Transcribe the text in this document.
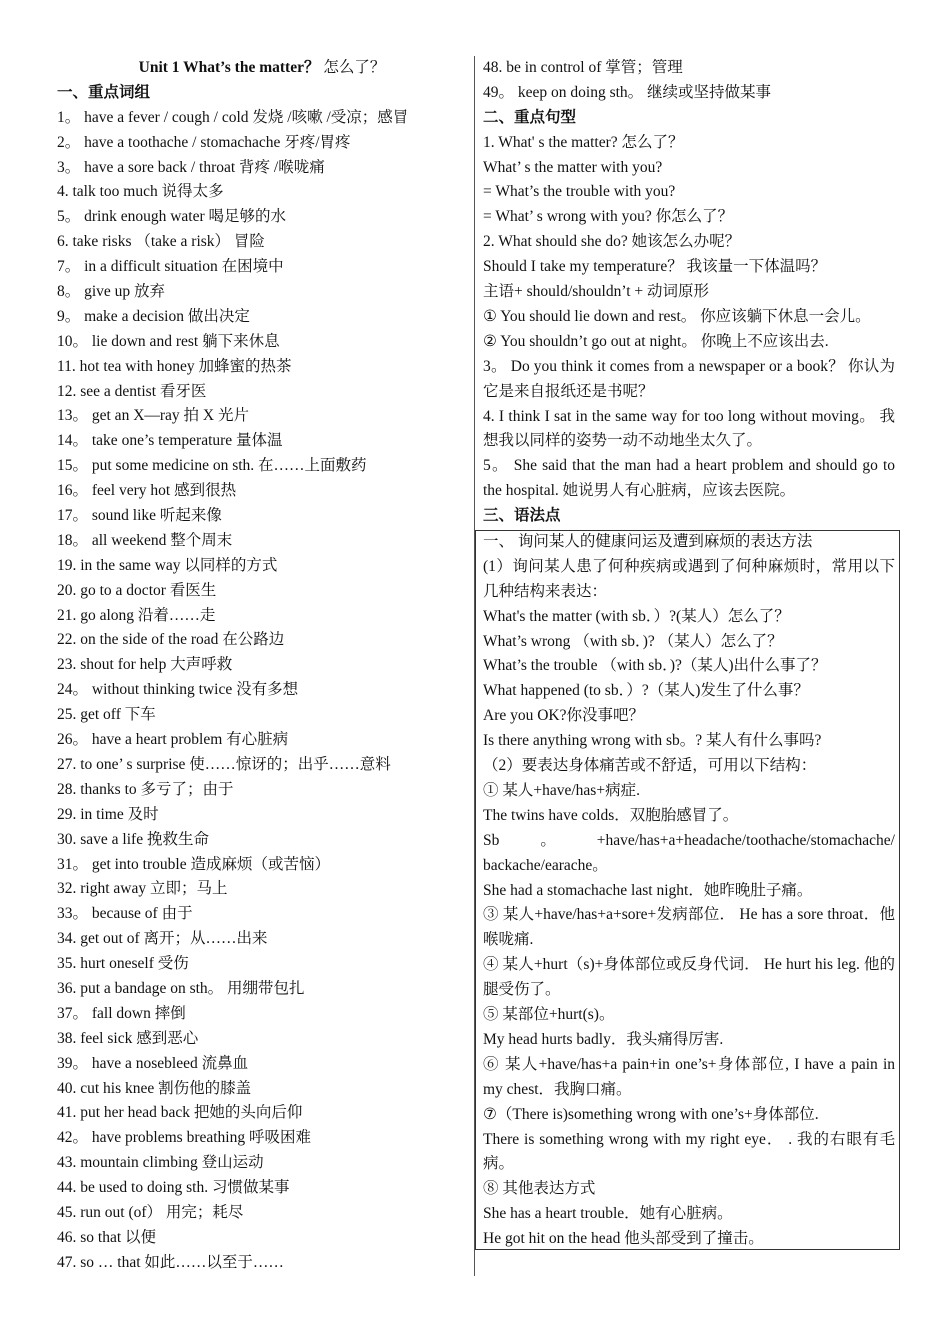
Unit 1 What’s the matter？ 怎么了？
一、重点词组
1。 have a fever / cough / cold 发烧 /咳嗽 /受凉；感冒
2。 have a toothache / stomachache 牙疼/胃疼
3。 have a sore back / throat 背疼 /喉咙痛
4. talk too much 说得太多
5。 drink enough water 喝足够的水
6. take risks （take a risk） 冒险
7。 in a difficult situation 在困境中
8。 give up 放弃
9。 make a decision 做出决定
10。 lie down and rest 躺下来休息
11. hot tea with honey 加蜂蜜的热茶
12. see a dentist 看牙医
13。 get an X—ray 拍 X 光片
14。 take one’s temperature 量体温
15。 put some medicine on sth. 在……上面敷药
16。 feel very hot 感到很热
17。 sound like 听起来像
18。 all weekend 整个周末
19. in the same way 以同样的方式
20. go to a doctor 看医生
21. go along 沿着……走
22. on the side of the road 在公路边
23. shout for help 大声呼救
24。 without thinking twice 没有多想
25. get off 下车
26。 have a heart problem 有心脏病
27. to one’ s surprise 使……惊讶的；出乎……意料
28. thanks to 多亏了；由于
29. in time 及时
30. save a life 挽救生命
31。 get into trouble 造成麻烦（或苦恼）
32. right away 立即；马上
33。 because of 由于
34. get out of 离开；从……出来
35. hurt oneself 受伤
36. put a bandage on sth。 用绷带包扎
37。 fall down 摔倒
38. feel sick 感到恶心
39。 have a nosebleed 流鼻血
40. cut his knee 割伤他的膝盖
41. put her head back 把她的头向后仰
42。 have problems breathing 呼吸困难
43. mountain climbing 登山运动
44. be used to doing sth. 习惯做某事
45. run out (of） 用完；耗尽
46. so that 以便
47. so … that 如此……以至于……
48. be in control of 掌管；管理
49。 keep on doing sth。 继续或坚持做某事
二、重点句型
1. What' s the matter? 怎么了？
What’ s the matter with you?
= What’s the trouble with you?
= What’ s wrong with you? 你怎么了？
2. What should she do? 她该怎么办呢？
Should I take my temperature？ 我该量一下体温吗？
主语+ should/shouldn’t + 动词原形
① You should lie down and rest。 你应该躺下休息一会儿。
② You shouldn’t go out at night。 你晚上不应该出去.
3。 Do you think it comes from a newspaper or a book？ 你认为它是来自报纸还是书呢？
4. I think I sat in the same way for too long without moving。 我想我以同样的姿势一动不动地坐太久了。
5。 She said that the man had a heart problem and should go to the hospital. 她说男人有心脏病，应该去医院。
三、语法点
一、 询问某人的健康问运及遭到麻烦的表达方法
(1）询问某人患了何种疾病或遇到了何种麻烦时，常用以下几种结构来表达：
What's the matter (with sb．）?(某人）怎么了？
What’s wrong （with sb．)? （某人）怎么了？
What’s the trouble （with sb．)?（某人)出什么事了？
What happened (to sb．）?（某人)发生了什么事？
Are you OK?你没事吧？
Is there anything wrong with sb。? 某人有什么事吗?
（2）要表达身体痛苦或不舒适，可用以下结构：
① 某人+have/has+病症.
The twins have colds．双胞胎感冒了。
Sb。+have/has+a+headache/toothache/stomachache/ backache/earache。
She had a stomachache last night．她昨晚肚子痛。
③ 某人+have/has+a+sore+发病部位． He has a sore throat．他喉咙痛.
④ 某人+hurt（s)+身体部位或反身代词． He hurt his leg. 他的腿受伤了。
⑤ 某部位+hurt(s)。
My head hurts badly．我头痛得厉害.
⑥ 某人+have/has+a pain+in one’s+身体部位, I have a pain in my chest．我胸口痛。
⑦（There is)something wrong with one’s+身体部位.
There is something wrong with my right eye． . 我的右眼有毛病。
⑧ 其他表达方式
She has a heart trouble．她有心脏病。
He got hit on the head 他头部受到了撞击。
